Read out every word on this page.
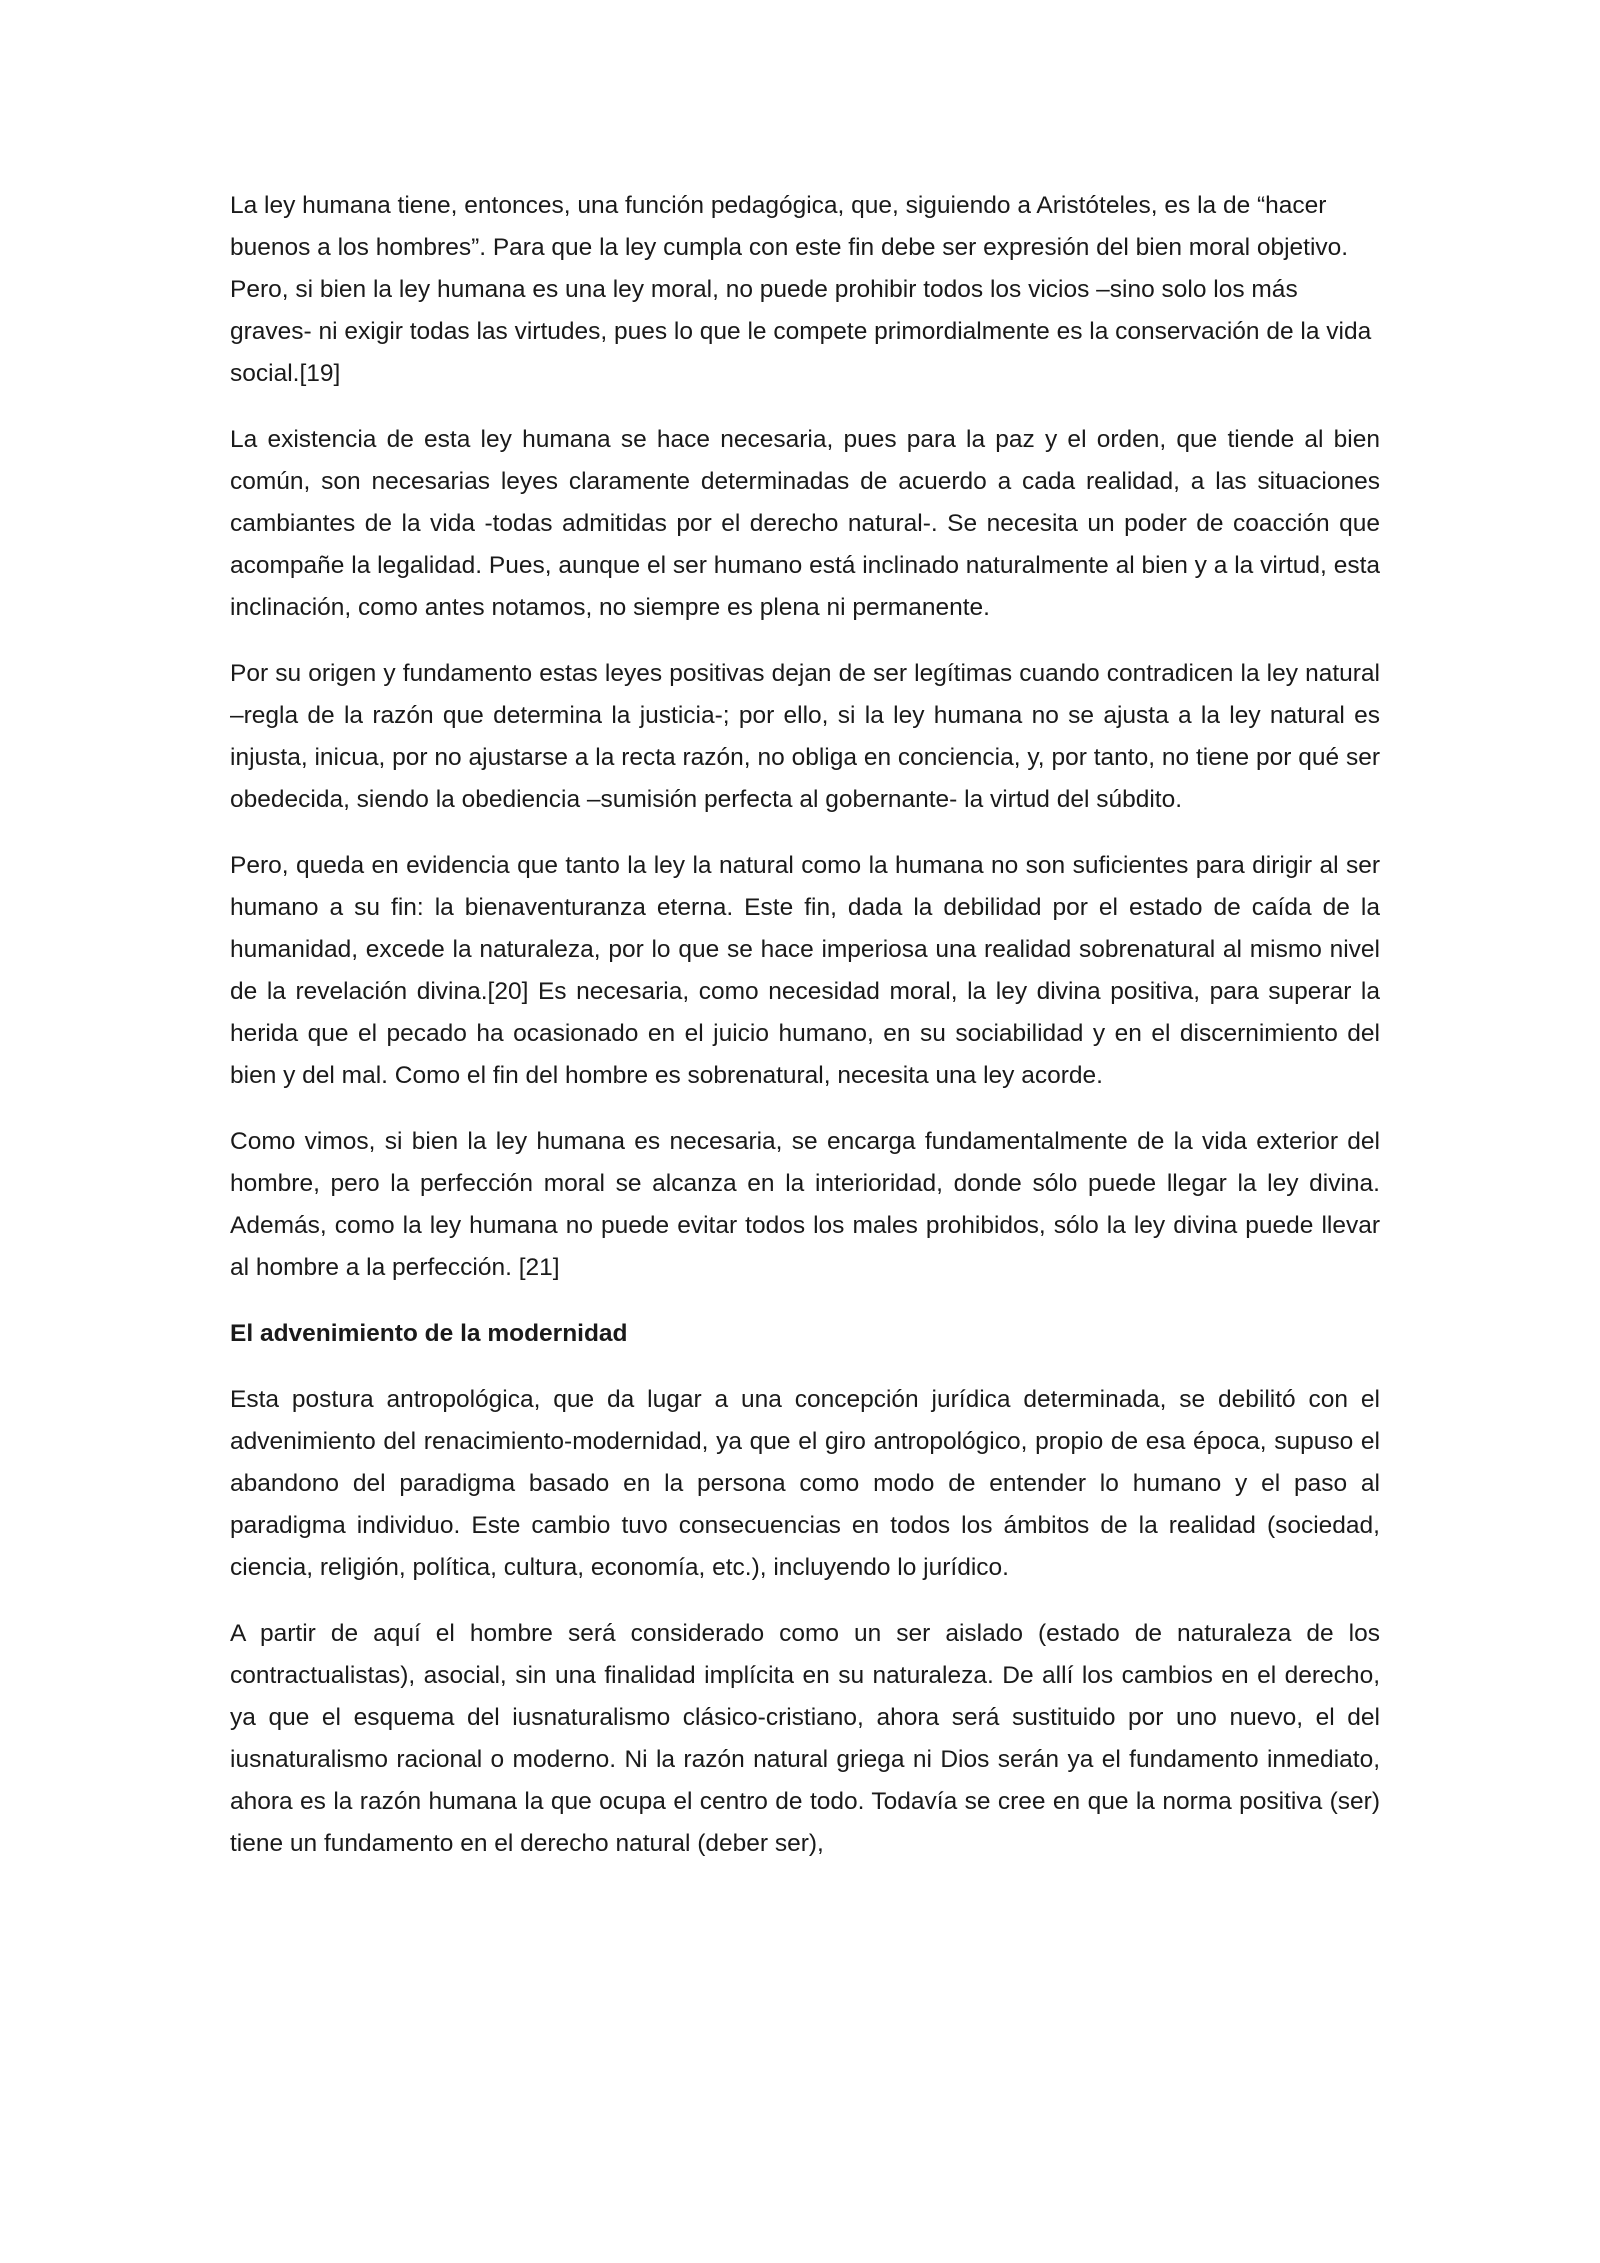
La ley humana tiene, entonces, una función pedagógica, que, siguiendo a Aristóteles, es la de “hacer buenos a los hombres”. Para que la ley cumpla con este fin debe ser expresión del bien moral objetivo. Pero, si bien la ley humana es una ley moral, no puede prohibir todos los vicios –sino solo los más graves- ni exigir todas las virtudes, pues lo que le compete primordialmente es la conservación de la vida social.[19]

La existencia de esta ley humana se hace necesaria, pues para la paz y el orden, que tiende al bien común, son necesarias leyes claramente determinadas de acuerdo a cada realidad, a las situaciones cambiantes de la vida -todas admitidas por el derecho natural-. Se necesita un poder de coacción que acompañe la legalidad. Pues, aunque el ser humano está inclinado naturalmente al bien y a la virtud, esta inclinación, como antes notamos, no siempre es plena ni permanente.

Por su origen y fundamento estas leyes positivas dejan de ser legítimas cuando contradicen la ley natural –regla de la razón que determina la justicia-; por ello, si la ley humana no se ajusta a la ley natural es injusta, inicua, por no ajustarse a la recta razón, no obliga en conciencia, y, por tanto, no tiene por qué ser obedecida, siendo la obediencia –sumisión perfecta al gobernante- la virtud del súbdito.

Pero, queda en evidencia que tanto la ley la natural como la humana no son suficientes para dirigir al ser humano a su fin: la bienaventuranza eterna. Este fin, dada la debilidad por el estado de caída de la humanidad, excede la naturaleza, por lo que se hace imperiosa una realidad sobrenatural al mismo nivel de la revelación divina.[20] Es necesaria, como necesidad moral, la ley divina positiva, para superar la herida que el pecado ha ocasionado en el juicio humano, en su sociabilidad y en el discernimiento del bien y del mal. Como el fin del hombre es sobrenatural, necesita una ley acorde.

Como vimos, si bien la ley humana es necesaria, se encarga fundamentalmente de la vida exterior del hombre, pero la perfección moral se alcanza en la interioridad, donde sólo puede llegar la ley divina. Además, como la ley humana no puede evitar todos los males prohibidos, sólo la ley divina puede llevar al hombre a la perfección. [21]

El advenimiento de la modernidad

Esta postura antropológica, que da lugar a una concepción jurídica determinada, se debilitó con el advenimiento del renacimiento-modernidad, ya que el giro antropológico, propio de esa época, supuso el abandono del paradigma basado en la persona como modo de entender lo humano y el paso al paradigma individuo. Este cambio tuvo consecuencias en todos los ámbitos de la realidad (sociedad, ciencia, religión, política, cultura, economía, etc.), incluyendo lo jurídico.

A partir de aquí el hombre será considerado como un ser aislado (estado de naturaleza de los contractualistas), asocial, sin una finalidad implícita en su naturaleza. De allí los cambios en el derecho, ya que el esquema del iusnaturalismo clásico-cristiano, ahora será sustituido por uno nuevo, el del iusnaturalismo racional o moderno. Ni la razón natural griega ni Dios serán ya el fundamento inmediato, ahora es la razón humana la que ocupa el centro de todo. Todavía se cree en que la norma positiva (ser) tiene un fundamento en el derecho natural (deber ser),
